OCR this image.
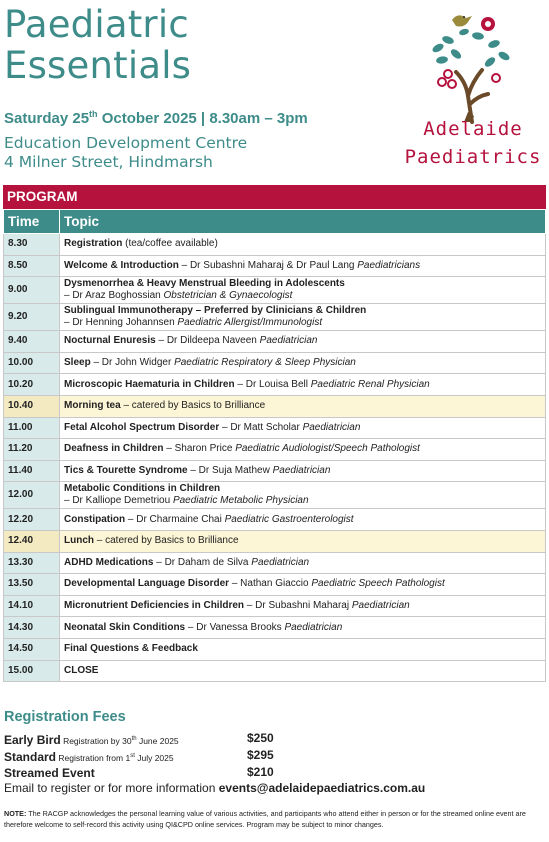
Paediatric
Essentials
Saturday 25th October 2025 | 8.30am – 3pm
Education Development Centre
4 Milner Street, Hindmarsh
Adelaide
Paediatrics
PROGRAM
Time	Topic
8.30	Registration (tea/coffee available)
8.50	Welcome & Introduction – Dr Subashni Maharaj & Dr Paul Lang Paediatricians
9.00	Dysmenorrhea & Heavy Menstrual Bleeding in Adolescents
– Dr Araz Boghossian Obstetrician & Gynaecologist
9.20	Sublingual Immunotherapy – Preferred by Clinicians & Children
– Dr Henning Johannsen Paediatric Allergist/Immunologist
9.40	Nocturnal Enuresis – Dr Dildeepa Naveen Paediatrician
10.00	Sleep – Dr John Widger Paediatric Respiratory & Sleep Physician
10.20	Microscopic Haematuria in Children – Dr Louisa Bell Paediatric Renal Physician
10.40	Morning tea – catered by Basics to Brilliance
11.00	Fetal Alcohol Spectrum Disorder – Dr Matt Scholar Paediatrician
11.20	Deafness in Children – Sharon Price Paediatric Audiologist/Speech Pathologist
11.40	Tics & Tourette Syndrome – Dr Suja Mathew Paediatrician
12.00	Metabolic Conditions in Children
– Dr Kalliope Demetriou Paediatric Metabolic Physician
12.20	Constipation – Dr Charmaine Chai Paediatric Gastroenterologist
12.40	Lunch – catered by Basics to Brilliance
13.30	ADHD Medications – Dr Daham de Silva Paediatrician
13.50	Developmental Language Disorder – Nathan Giaccio Paediatric Speech Pathologist
14.10	Micronutrient Deficiencies in Children – Dr Subashni Maharaj Paediatrician
14.30	Neonatal Skin Conditions – Dr Vanessa Brooks Paediatrician
14.50	Final Questions & Feedback
15.00	CLOSE
Registration Fees
Early Bird Registration by 30th June 2025	$250
Standard Registration from 1st July 2025	$295
Streamed Event	$210
Email to register or for more information events@adelaidepaediatrics.com.au
NOTE: The RACGP acknowledges the personal learning value of various activities, and participants who attend either in person or for the streamed online event are therefore welcome to self-record this activity using QI&CPD online services. Program may be subject to minor changes.
